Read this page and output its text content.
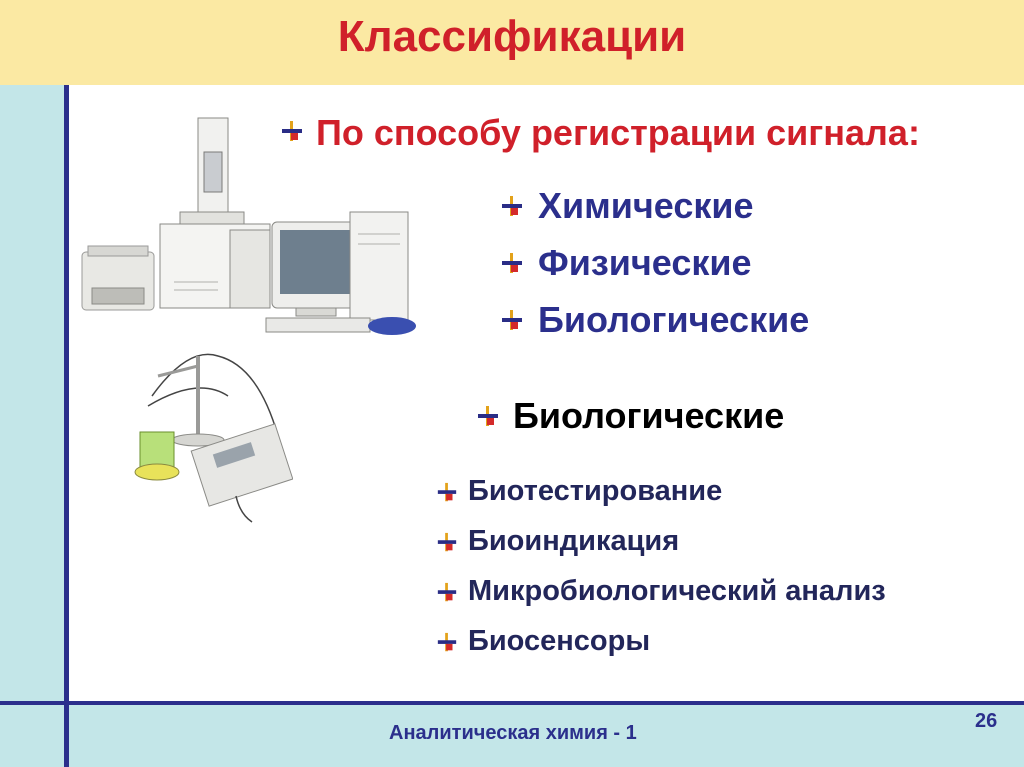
Классификации
По способу регистрации сигнала:
Химические
Физические
Биологические
Биологические
Биотестирование
Биоиндикация
Микробиологический анализ
Биосенсоры
Аналитическая химия - 1
26
